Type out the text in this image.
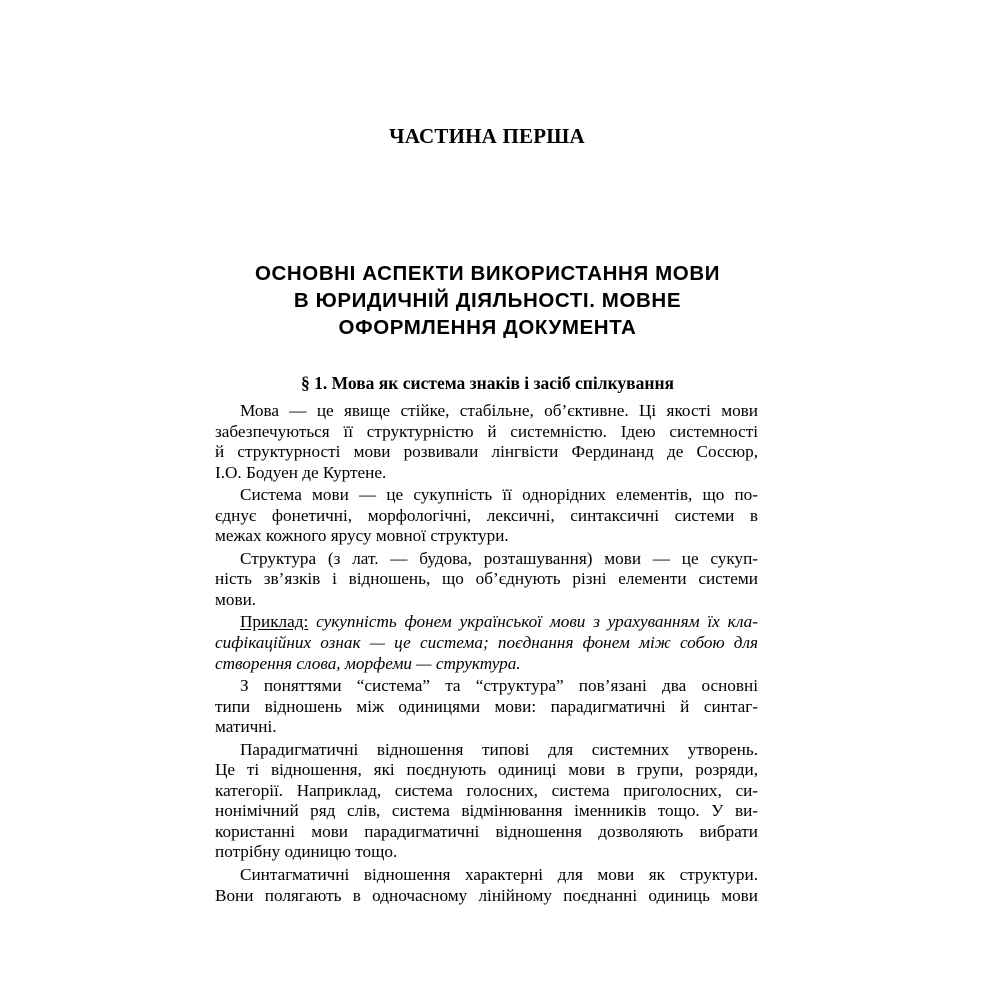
ЧАСТИНА ПЕРША
ОСНОВНІ АСПЕКТИ ВИКОРИСТАННЯ МОВИ
В ЮРИДИЧНІЙ ДІЯЛЬНОСТІ. МОВНЕ
ОФОРМЛЕННЯ ДОКУМЕНТА
§ 1. Мова як система знаків і засіб спілкування
Мова — це явище стійке, стабільне, об’єктивне. Ці якості мови
забезпечуються її структурністю й системністю. Ідею системності
й структурності мови розвивали лінгвісти Фердинанд де Соссюр,
І.О. Бодуен де Куртене.
Система мови — це сукупність її однорідних елементів, що по-
єднує фонетичні, морфологічні, лексичні, синтаксичні системи в
межах кожного ярусу мовної структури.
Структура (з лат. — будова, розташування) мови — це сукуп-
ність зв’язків і відношень, що об’єднують різні елементи системи
мови.
Приклад: сукупність фонем української мови з урахуванням їх кла-
сифікаційних ознак — це система; поєднання фонем між собою для
створення слова, морфеми — структура.
З поняттями “система” та “структура” пов’язані два основні
типи відношень між одиницями мови: парадигматичні й синтаг-
матичні.
Парадигматичні відношення типові для системних утворень.
Це ті відношення, які поєднують одиниці мови в групи, розряди,
категорії. Наприклад, система голосних, система приголосних, си-
нонімічний ряд слів, система відмінювання іменників тощо. У ви-
користанні мови парадигматичні відношення дозволяють вибрати
потрібну одиницю тощо.
Синтагматичні відношення характерні для мови як структури.
Вони полягають в одночасному лінійному поєднанні одиниць мови
